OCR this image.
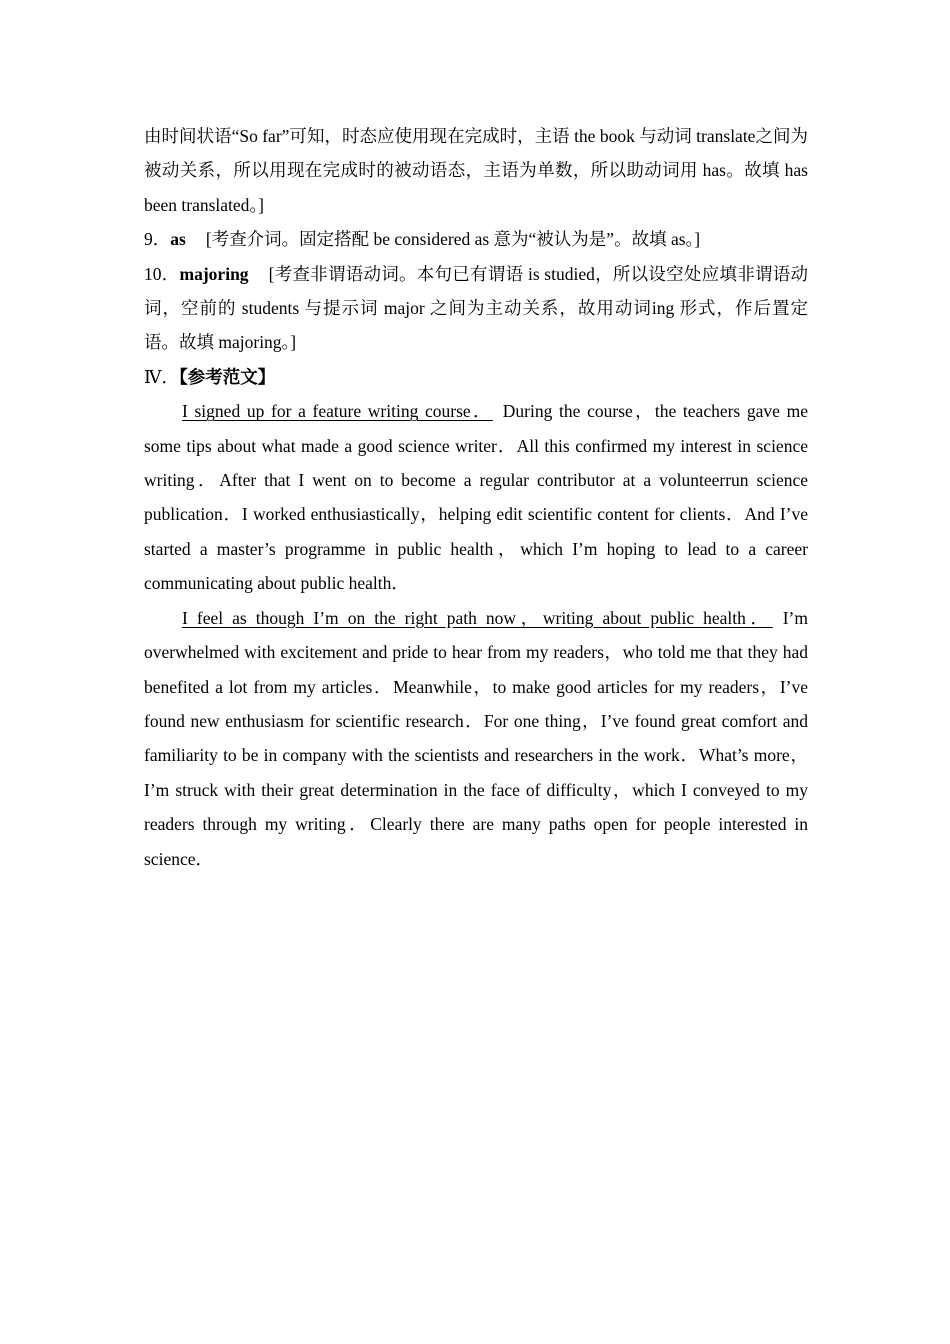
由时间状语“So far”可知，时态应使用现在完成时，主语 the book 与动词 translate之间为被动关系，所以用现在完成时的被动语态，主语为单数，所以助动词用 has。故填 has been translated。]

9．as [考查介词。固定搭配 be considered as 意为“被认为是”。故填 as。]

10．majoring [考查非谓语动词。本句已有谓语 is studied，所以设空处应填非谓语动词，空前的 students 与提示词 major 之间为主动关系，故用动词ing 形式，作后置定语。故填 majoring。]

Ⅳ．【参考范文】

I signed up for a feature writing course． During the course，the teachers gave me some tips about what made a good science writer．All this confirmed my interest in science writing．After that I went on to become a regular contributor at a volunteerrun science publication．I worked enthusiastically，helping edit scientific content for clients．And I’ve started a master’s programme in public health，which I’m hoping to lead to a career communicating about public health．

I feel as though I’m on the right path now，writing about public health． I’m overwhelmed with excitement and pride to hear from my readers，who told me that they had benefited a lot from my articles．Meanwhile，to make good articles for my readers，I’ve found new enthusiasm for scientific research．For one thing，I’ve found great comfort and familiarity to be in company with the scientists and researchers in the work．What’s more，I’m struck with their great determination in the face of difficulty，which I conveyed to my readers through my writing．Clearly there are many paths open for people interested in science．
